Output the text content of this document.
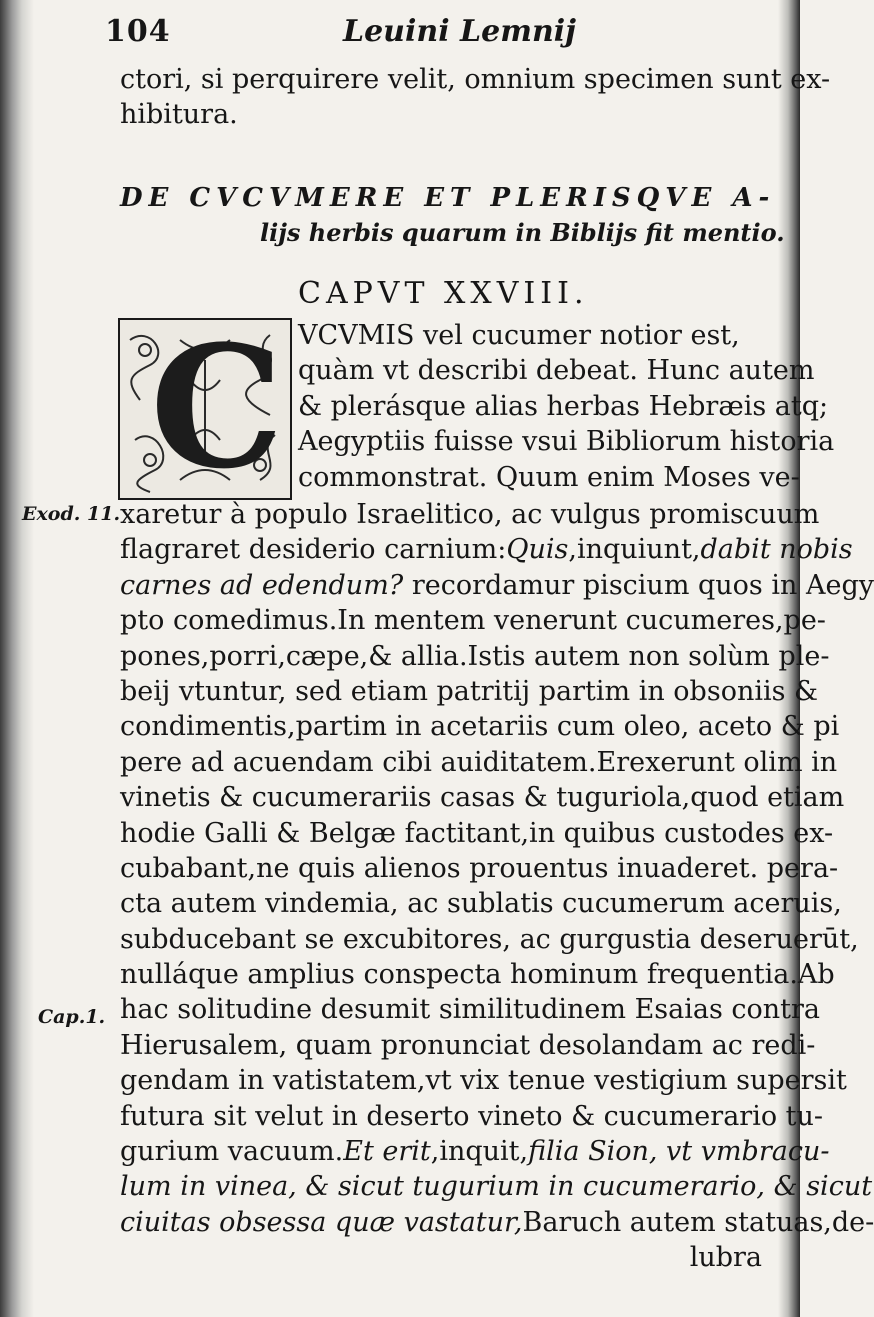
104	Leuini Lemnij
ctori, si perquirere velit, omnium specimen sunt ex-
hibitura.
DE CVCVMERE ET PLERISQVE A-
lijs herbis quarum in Biblijs fit mentio.
CAPVT XXVIII.
C VCVMIS vel cucumer notior est,
quàm vt describi debeat. Hunc autem
& plerásque alias herbas Hebræis atq;
Aegyptiis fuisse vsui Bibliorum historia
commonstrat. Quum enim Moses ve-
Exod. 11.
Cap.1.
xaretur à populo Israelitico, ac vulgus promiscuum
flagraret desiderio carnium:Quis,inquiunt,dabit nobis
carnes ad edendum? recordamur piscium quos in Aegy
pto comedimus.In mentem venerunt cucumeres,pe-
pones,porri,cæpe,& allia.Istis autem non solùm ple-
beij vtuntur, sed etiam patritij partim in obsoniis &
condimentis,partim in acetariis cum oleo, aceto & pi
pere ad acuendam cibi auiditatem.Erexerunt olim in
vinetis & cucumerariis casas & tuguriola,quod etiam
hodie Galli & Belgæ factitant,in quibus custodes ex-
cubabant,ne quis alienos prouentus inuaderet. pera-
cta autem vindemia, ac sublatis cucumerum aceruis,
subducebant se excubitores, ac gurgustia deseruerūt,
nulláque amplius conspecta hominum frequentia.Ab
hac solitudine desumit similitudinem Esaias contra
Hierusalem, quam pronunciat desolandam ac redi-
gendam in vatistatem,vt vix tenue vestigium supersit
futura sit velut in deserto vineto & cucumerario tu-
gurium vacuum.Et erit,inquit,filia Sion, vt vmbracu-
lum in vinea, & sicut tugurium in cucumerario, & sicut
ciuitas obsessa quæ vastatur,Baruch autem statuas,de-
lubra
